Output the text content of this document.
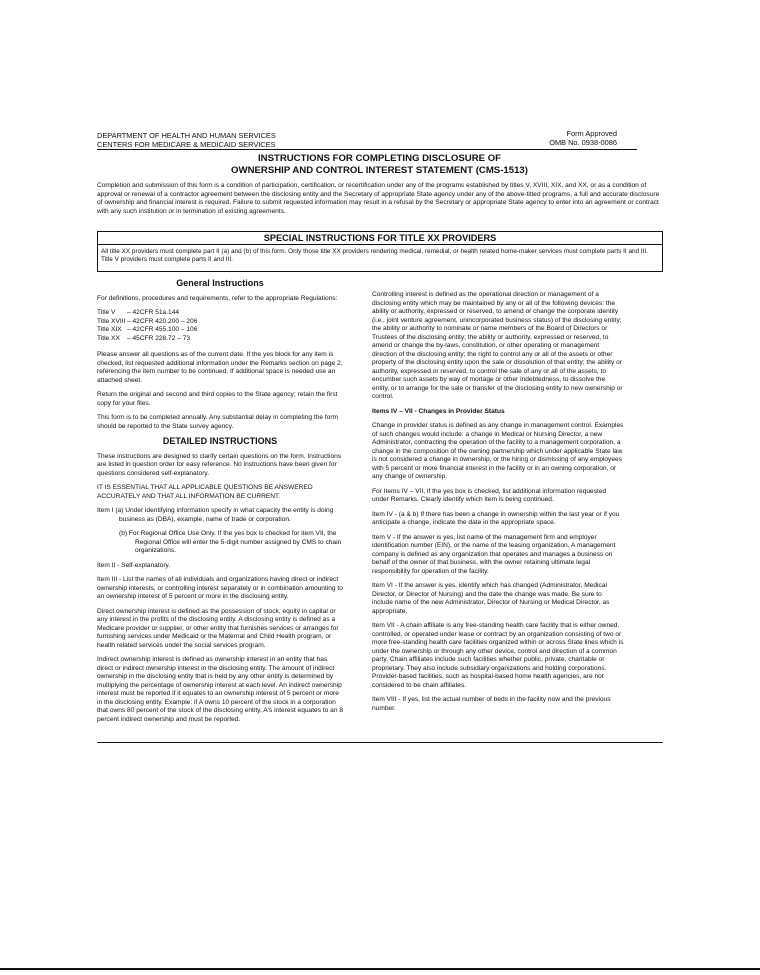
DEPARTMENT OF HEALTH AND HUMAN SERVICES
CENTERS FOR MEDICARE & MEDICAID SERVICES
Form Approved
OMB No. 0938-0086
INSTRUCTIONS FOR COMPLETING DISCLOSURE OF
OWNERSHIP AND CONTROL INTEREST STATEMENT (CMS-1513)
Completion and submission of this form is a condition of participation, certification, or recertification under any of the programs established by titles V, XVIII, XIX, and XX, or as a condition of approval or renewal of a contractor agreement between the disclosing entity and the Secretary of appropriate State agency under any of the above-titled programs, a full and accurate disclosure of ownership and financial interest is required. Failure to submit requested information may result in a refusal by the Secretary or appropriate State agency to enter into an agreement or contract with any such institution or in termination of existing agreements.
SPECIAL INSTRUCTIONS FOR TITLE XX PROVIDERS
All title XX providers must complete part II (a) and (b) of this form. Only those title XX providers rendering medical, remedial, or health related home-maker services must complete parts II and III. Title V providers must complete parts II and III.

General Instructions

For definitions, procedures and requirements, refer to the appropriate Regulations:

Title V	– 42CFR 51a.144
Title XVIII – 42CFR 420.200 – 206
Title XIX – 42CFR 455.100 – 106
Title XX	– 45CFR 228.72 – 73

Please answer all questions as of the current date. If the yes block for any item is checked, list requested additional information under the Remarks section on page 2, referencing the item number to be continued. If additional space is needed use an attached sheet.

Return the original and second and third copies to the State agency; retain the first copy for your files.

This form is to be completed annually. Any substantial delay in completing the form should be reported to the State survey agency.

DETAILED INSTRUCTIONS

These instructions are designed to clarify certain questions on the form. Instructions are listed in question order for easy reference. No instructions have been given for questions considered self-explanatory.

IT IS ESSENTIAL THAT ALL APPLICABLE QUESTIONS BE ANSWERED ACCURATELY AND THAT ALL INFORMATION BE CURRENT.

Item I (a) Under identifying information specify in what capacity the entity is doing business as (DBA), example, name of trade or corporation.

(b) For Regional Office Use Only. If the yes box is checked for item VII, the Regional Office will enter the 5-digit number assigned by CMS to chain organizations.

Item II - Self-explanatory.

Item III - List the names of all individuals and organizations having direct or indirect ownership interests, or controlling interest separately or in combination amounting to an ownership interest of 5 percent or more in the disclosing entity.

Direct ownership interest is defined as the possession of stock, equity in capital or any interest in the profits of the disclosing entity. A disclosing entity is defined as a Medicare provider or supplier, or other entity that furnishes services or arranges for furnishing services under Medicaid or the Maternal and Child Health program, or health related services under the social services program.

Indirect ownership interest is defined as ownership interest in an entity that has direct or indirect ownership interest in the disclosing entity. The amount of indirect ownership in the disclosing entity that is held by any other entity is determined by multiplying the percentage of ownership interest at each level. An indirect ownership interest must be reported if it equates to an ownership interest of 5 percent or more in the disclosing entity. Example: if A owns 10 percent of the stock in a corporation that owns 80 percent of the stock of the disclosing entity, A's interest equates to an 8 percent indirect ownership and must be reported.

Controlling interest is defined as the operational direction or management of a disclosing entity which may be maintained by any or all of the following devices: the ability or authority, expressed or reserved, to amend or change the corporate identity (i.e., joint venture agreement, unincorporated business status) of the disclosing entity; the ability or authority to nominate or name members of the Board of Directors or Trustees of the disclosing entity; the ability or authority, expressed or reserved, to amend or change the by-laws, constitution, or other operating or management direction of the disclosing entity; the right to control any or all of the assets or other property of the disclosing entity upon the sale or dissolution of that entity; the ability or authority, expressed or reserved, to control the sale of any or all of the assets, to encumber such assets by way of mortage or other indebtedness, to dissolve the entity, or to arrange for the sale or transfer of the disclosing entity to new ownership or control.

Items IV – VII - Changes in Provider Status

Change in provider status is defined as any change in management control. Examples of such changes would include: a change in Medical or Nursing Director, a new Administrator, contracting the operation of the facility to a management corporation, a change in the composition of the owning partnership which under applicable State law is not considered a change in ownership, or the hiring or dismissing of any employees with 5 percent or more financial interest in the facility or in an owning corporation, or any change of ownership.

For Items IV – VII, if the yes box is checked, list additional information requested under Remarks. Clearly identify which item is being continued.

Item IV - (a & b) If there has been a change in ownership within the last year or if you anticipate a change, indicate the date in the appropriate space.

Item V - If the answer is yes, list name of the management firm and employer identification number (EIN), or the name of the leasing organization. A management company is defined as any organization that operates and manages a business on behalf of the owner of that business, with the owner retaining ultimate legal responsibility for operation of the facility.

Item VI - If the answer is yes, identify which has changed (Administrator, Medical Director, or Director of Nursing) and the date the change was made. Be sure to include name of the new Administrator, Director of Nursing or Medical Director, as appropriate.

Item VII - A chain affiliate is any free-standing health care facility that is either owned, controlled, or operated under lease or contract by an organization consisting of two or more free-standing health care facilities organized within or across State lines which is under the ownership or through any other device, control and direction of a common party. Chain affiliates include such facilities whether public, private, charitable or proprietary. They also include subsidiary organizations and holding corporations. Provider-based facilities, such as hospital-based home health agencies, are not considered to be chain affiliates.

Item VIII - If yes, list the actual number of beds in the facility now and the previous number.
